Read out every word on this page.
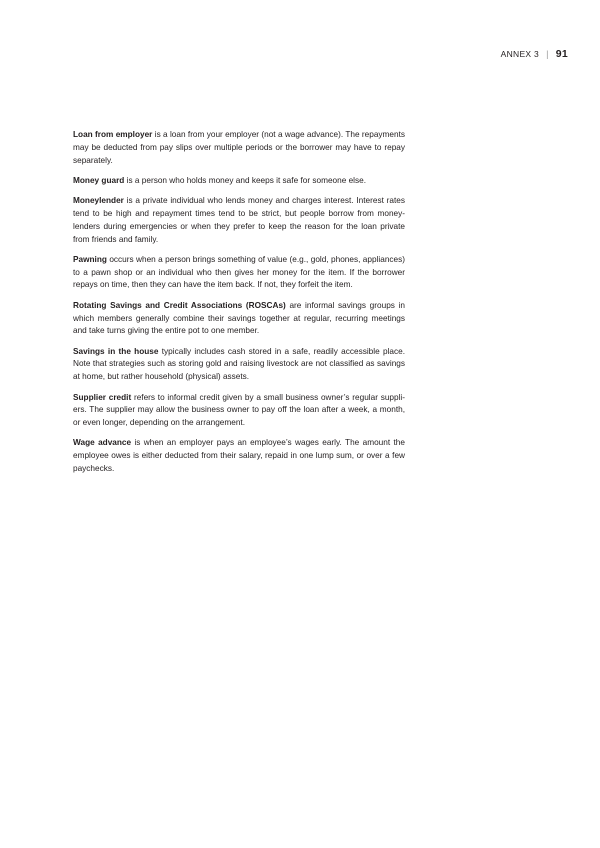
ANNEX 3 | 91

Loan from employer is a loan from your employer (not a wage advance). The repayments may be deducted from pay slips over multiple periods or the borrower may have to repay separately.

Money guard is a person who holds money and keeps it safe for someone else.

Moneylender is a private individual who lends money and charges interest. Interest rates tend to be high and repayment times tend to be strict, but people borrow from moneylenders during emergencies or when they prefer to keep the reason for the loan private from friends and family.

Pawning occurs when a person brings something of value (e.g., gold, phones, appliances) to a pawn shop or an individual who then gives her money for the item. If the borrower repays on time, then they can have the item back. If not, they forfeit the item.

Rotating Savings and Credit Associations (ROSCAs) are informal savings groups in which members generally combine their savings together at regular, recurring meetings and take turns giving the entire pot to one member.

Savings in the house typically includes cash stored in a safe, readily accessible place. Note that strategies such as storing gold and raising livestock are not classified as savings at home, but rather household (physical) assets.

Supplier credit refers to informal credit given by a small business owner’s regular suppliers. The supplier may allow the business owner to pay off the loan after a week, a month, or even longer, depending on the arrangement.

Wage advance is when an employer pays an employee’s wages early. The amount the employee owes is either deducted from their salary, repaid in one lump sum, or over a few paychecks.
